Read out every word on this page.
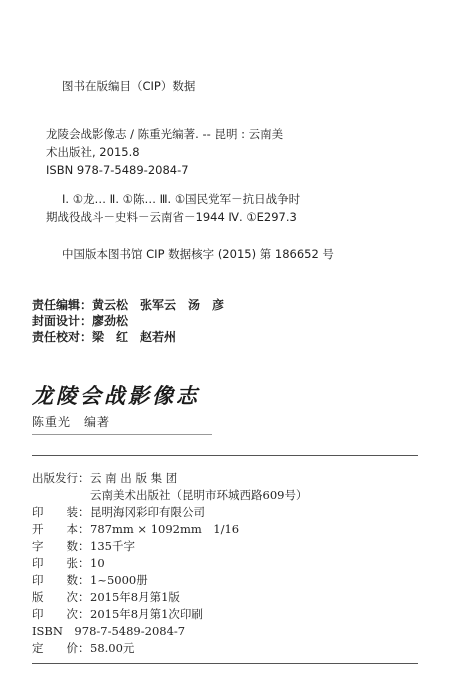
图书在版编目（CIP）数据
龙陵会战影像志 / 陈重光编著. -- 昆明 : 云南美
术出版社, 2015.8
ISBN 978-7-5489-2084-7
Ⅰ. ①龙… Ⅱ. ①陈… Ⅲ. ①国民党军－抗日战争时
期战役战斗－史料－云南省－1944 Ⅳ. ①E297.3
中国版本图书馆 CIP 数据核字 (2015) 第 186652 号
责任编辑：黄云松　张军云　汤　彦
封面设计：廖劲松
责任校对：梁　红　赵若州
龙陵会战影像志
陈重光　编著
出版发行：云 南 出 版 集 团
云南美术出版社（昆明市环城西路609号）
印　　装：昆明海冈彩印有限公司
开　　本：787mm × 1092mm　1/16
字　　数：135千字
印　　张：10
印　　数：1~5000册
版　　次：2015年8月第1版
印　　次：2015年8月第1次印刷
ISBN　978-7-5489-2084-7
定　　价：58.00元
